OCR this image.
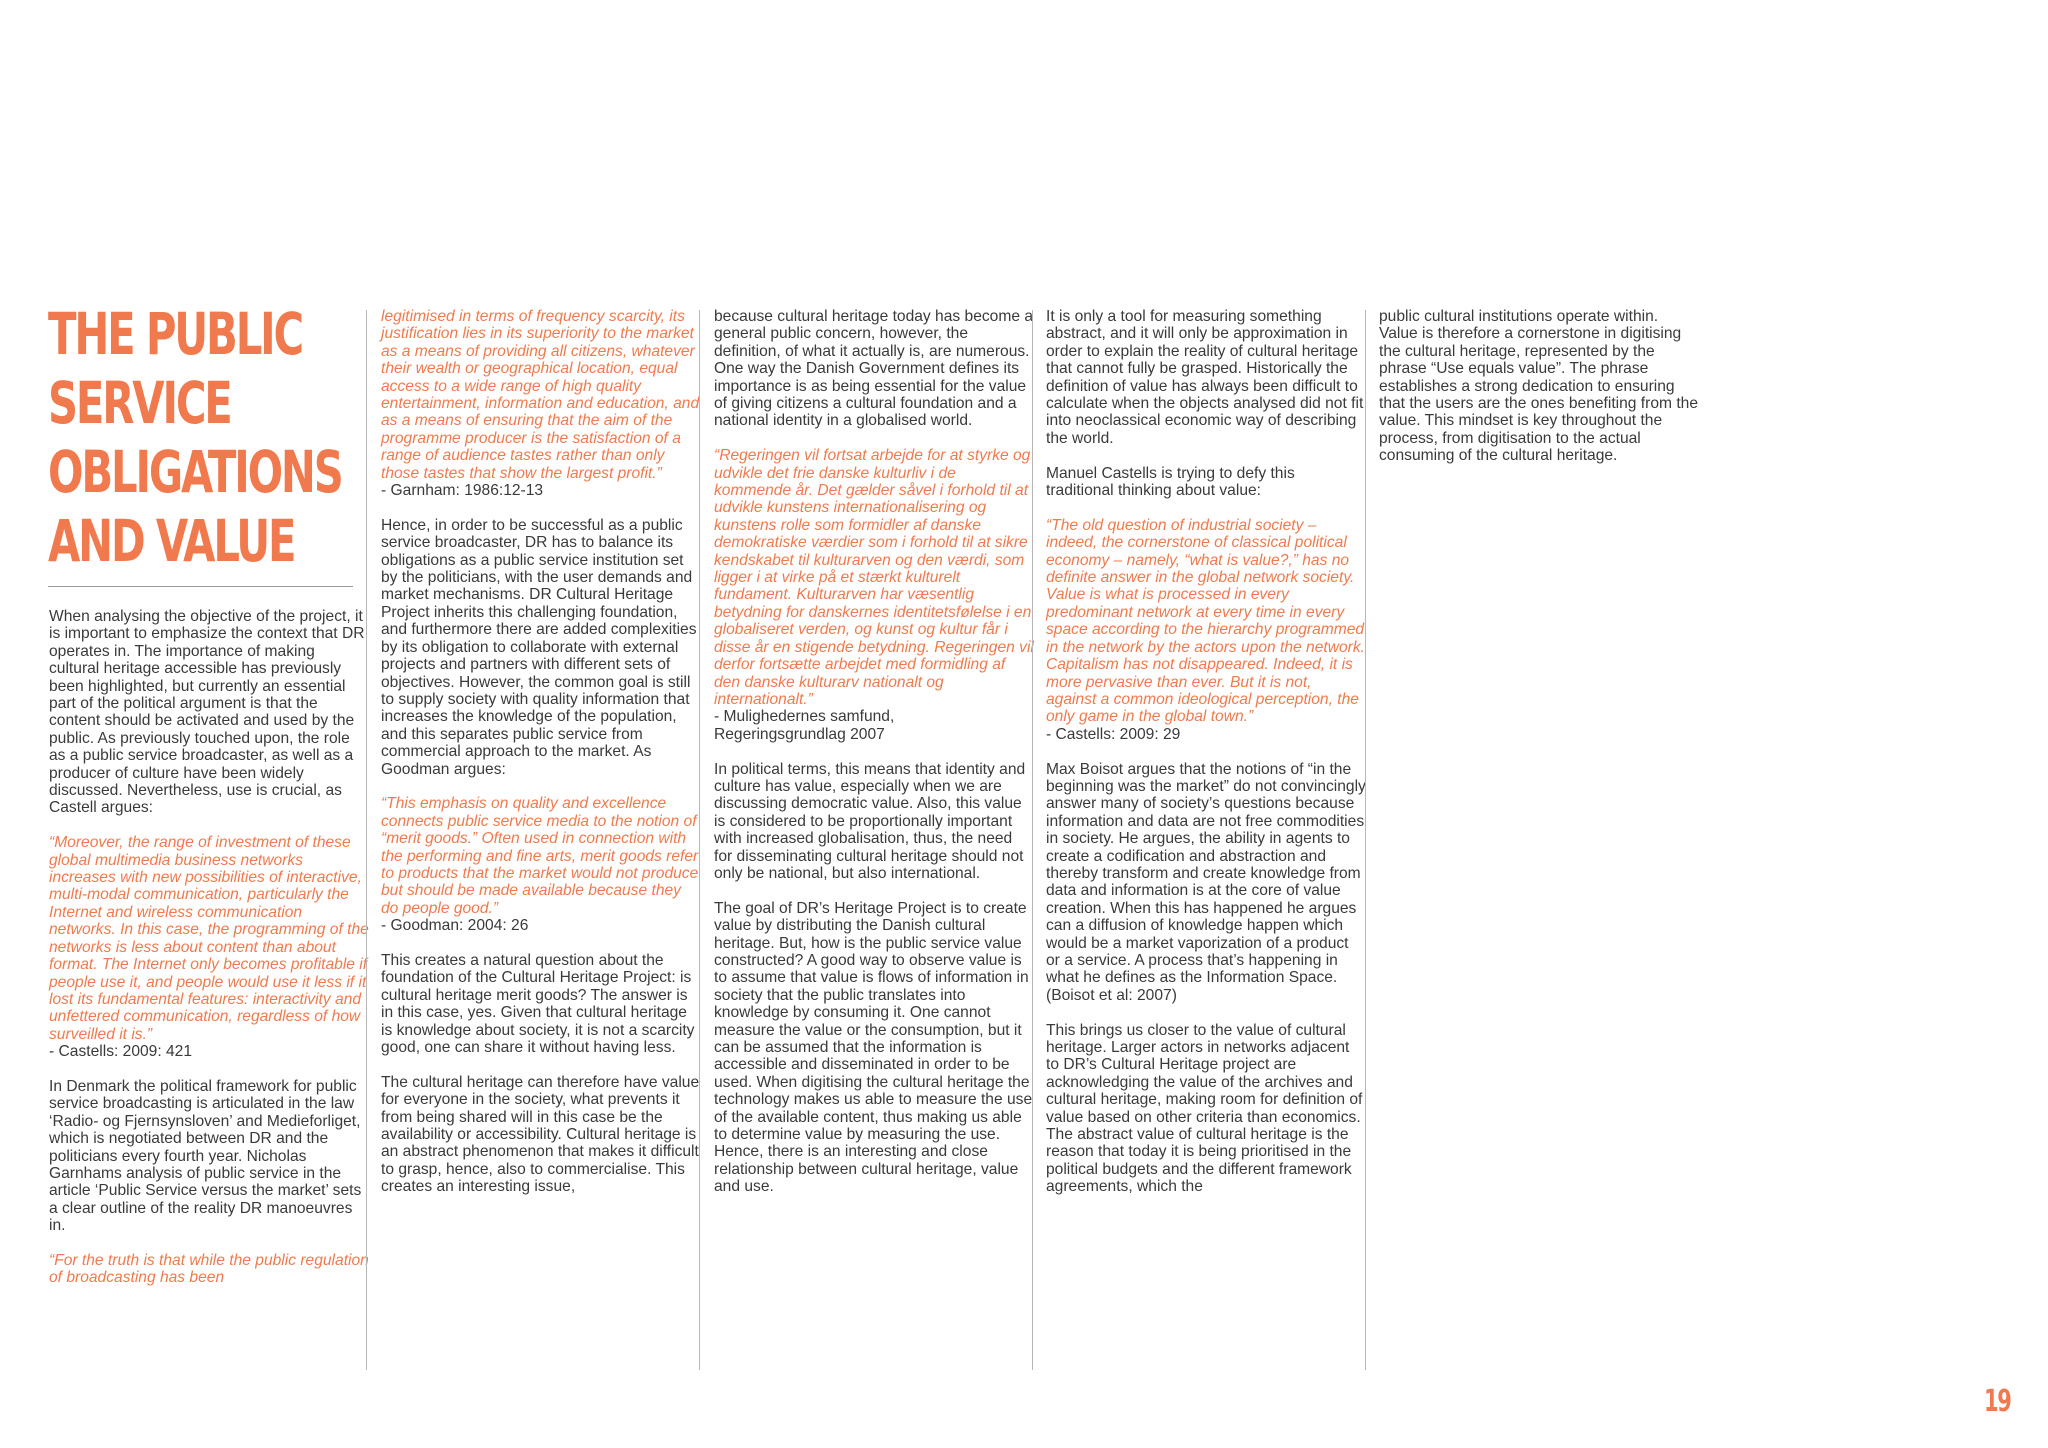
THE PUBLIC
SERVICE
OBLIGATIONS
AND VALUE

When analysing the objective of the project, it is important to emphasize the context that DR operates in. The importance of making cultural heritage accessible has previously been highlighted, but currently an essential part of the political argument is that the content should be activated and used by the public. As previously touched upon, the role as a public service broadcaster, as well as a producer of culture have been widely discussed. Nevertheless, use is crucial, as Castell argues:

“Moreover, the range of investment of these global multimedia business networks increases with new possibilities of interactive, multi-modal communication, particularly the Internet and wireless communication networks. In this case, the programming of the networks is less about content than about format. The Internet only becomes profitable if people use it, and people would use it less if it lost its fundamental features: interactivity and unfettered communication, regardless of how surveilled it is.”
- Castells: 2009: 421

In Denmark the political framework for public service broadcasting is articulated in the law ‘Radio- og Fjernsynsloven’ and Medieforliget, which is negotiated between DR and the politicians every fourth year. Nicholas Garnhams analysis of public service in the article ‘Public Service versus the market’ sets a clear outline of the reality DR manoeuvres in.

“For the truth is that while the public regulation of broadcasting has been

legitimised in terms of frequency scarcity, its justification lies in its superiority to the market as a means of providing all citizens, whatever their wealth or geographical location, equal access to a wide range of high quality entertainment, information and education, and as a means of ensuring that the aim of the programme producer is the satisfaction of a range of audience tastes rather than only those tastes that show the largest profit.”
- Garnham: 1986:12-13

Hence, in order to be successful as a public service broadcaster, DR has to balance its obligations as a public service institution set by the politicians, with the user demands and market mechanisms. DR Cultural Heritage Project inherits this challenging foundation, and furthermore there are added complexities by its obligation to collaborate with external projects and partners with different sets of objectives. However, the common goal is still to supply society with quality information that increases the knowledge of the population, and this separates public service from commercial approach to the market. As Goodman argues:

“This emphasis on quality and excellence connects public service media to the notion of “merit goods.” Often used in connection with the performing and fine arts, merit goods refer to products that the market would not produce but should be made available because they do people good.”
- Goodman: 2004: 26

This creates a natural question about the foundation of the Cultural Heritage Project: is cultural heritage merit goods? The answer is in this case, yes. Given that cultural heritage is knowledge about society, it is not a scarcity good, one can share it without having less.

The cultural heritage can therefore have value for everyone in the society, what prevents it from being shared will in this case be the availability or accessibility. Cultural heritage is an abstract phenomenon that makes it difficult to grasp, hence, also to commercialise. This creates an interesting issue,

because cultural heritage today has become a general public concern, however, the definition, of what it actually is, are numerous. One way the Danish Government defines its importance is as being essential for the value of giving citizens a cultural foundation and a national identity in a globalised world.

“Regeringen vil fortsat arbejde for at styrke og udvikle det frie danske kulturliv i de kommende år. Det gælder såvel i forhold til at udvikle kunstens internationalisering og kunstens rolle som formidler af danske demokratiske værdier som i forhold til at sikre kendskabet til kulturarven og den værdi, som ligger i at virke på et stærkt kulturelt fundament. Kulturarven har væsentlig betydning for danskernes identitetsfølelse i en globaliseret verden, og kunst og kultur får i disse år en stigende betydning. Regeringen vil derfor fortsætte arbejdet med formidling af den danske kulturarv nationalt og internationalt.”
- Mulighedernes samfund,
Regeringsgrundlag 2007

In political terms, this means that identity and culture has value, especially when we are discussing democratic value. Also, this value is considered to be proportionally important with increased globalisation, thus, the need for disseminating cultural heritage should not only be national, but also international.

The goal of DR’s Heritage Project is to create value by distributing the Danish cultural heritage. But, how is the public service value constructed? A good way to observe value is to assume that value is flows of information in society that the public translates into knowledge by consuming it. One cannot measure the value or the consumption, but it can be assumed that the information is accessible and disseminated in order to be used. When digitising the cultural heritage the technology makes us able to measure the use of the available content, thus making us able to determine value by measuring the use. Hence, there is an interesting and close relationship between cultural heritage, value and use.

It is only a tool for measuring something abstract, and it will only be approximation in order to explain the reality of cultural heritage that cannot fully be grasped. Historically the definition of value has always been difficult to calculate when the objects analysed did not fit into neoclassical economic way of describing the world.

Manuel Castells is trying to defy this traditional thinking about value:

“The old question of industrial society – indeed, the cornerstone of classical political economy – namely, “what is value?,” has no definite answer in the global network society. Value is what is processed in every predominant network at every time in every space according to the hierarchy programmed in the network by the actors upon the network. Capitalism has not disappeared. Indeed, it is more pervasive than ever. But it is not, against a common ideological perception, the only game in the global town.”
- Castells: 2009: 29

Max Boisot argues that the notions of “in the beginning was the market” do not convincingly answer many of society’s questions because information and data are not free commodities in society. He argues, the ability in agents to create a codification and abstraction and thereby transform and create knowledge from data and information is at the core of value creation. When this has happened he argues can a diffusion of knowledge happen which would be a market vaporization of a product or a service. A process that’s happening in what he defines as the Information Space. (Boisot et al: 2007)

This brings us closer to the value of cultural heritage. Larger actors in networks adjacent to DR’s Cultural Heritage project are acknowledging the value of the archives and cultural heritage, making room for definition of value based on other criteria than economics. The abstract value of cultural heritage is the reason that today it is being prioritised in the political budgets and the different framework agreements, which the

public cultural institutions operate within. Value is therefore a cornerstone in digitising the cultural heritage, represented by the phrase “Use equals value”. The phrase establishes a strong dedication to ensuring that the users are the ones benefiting from the value. This mindset is key throughout the process, from digitisation to the actual consuming of the cultural heritage.

19
